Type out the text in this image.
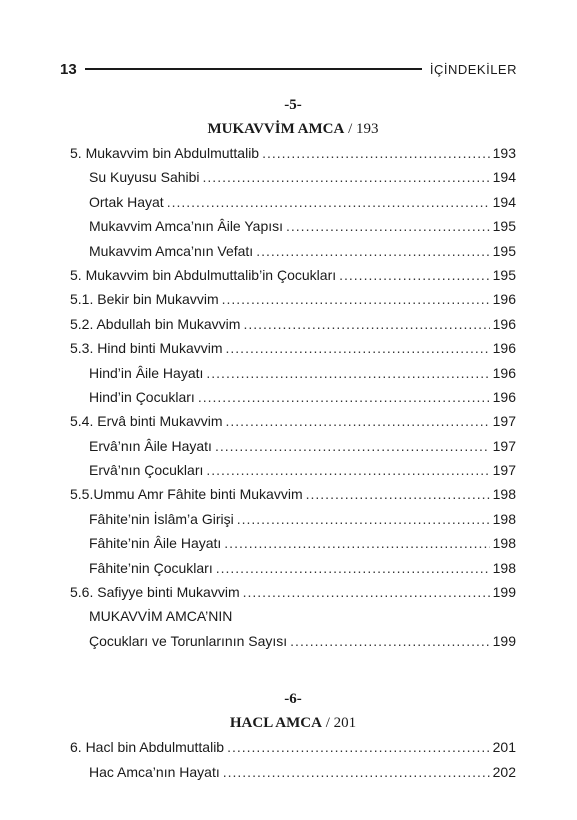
13	İÇİNDEKİLER
-5-
MUKAVVİM AMCA / 193
5. Mukavvim bin Abdulmuttalib .....	193
Su Kuyusu Sahibi .....	194
Ortak Hayat .....	194
Mukavvim Amca’nın Âile Yapısı .....	195
Mukavvim Amca’nın Vefatı .....	195
5. Mukavvim bin Abdulmuttalib’in Çocukları .....	195
5.1. Bekir bin Mukavvim .....	196
5.2. Abdullah bin Mukavvim .....	196
5.3. Hind binti Mukavvim .....	196
Hind’in Âile Hayatı .....	196
Hind’in Çocukları .....	196
5.4. Ervâ binti Mukavvim .....	197
Ervâ’nın Âile Hayatı .....	197
Ervâ’nın Çocukları .....	197
5.5.Ummu Amr Fâhite binti Mukavvim .....	198
Fâhite’nin İslâm’a Girişi .....	198
Fâhite’nin Âile Hayatı .....	198
Fâhite’nin Çocukları .....	198
5.6. Safiyye binti Mukavvim .....	199
MUKAVVİM AMCA’NIN
Çocukları ve Torunlarının Sayısı .....	199
-6-
HACL AMCA / 201
6. Hacl bin Abdulmuttalib .....	201
Hac Amca’nın Hayatı .....	202
